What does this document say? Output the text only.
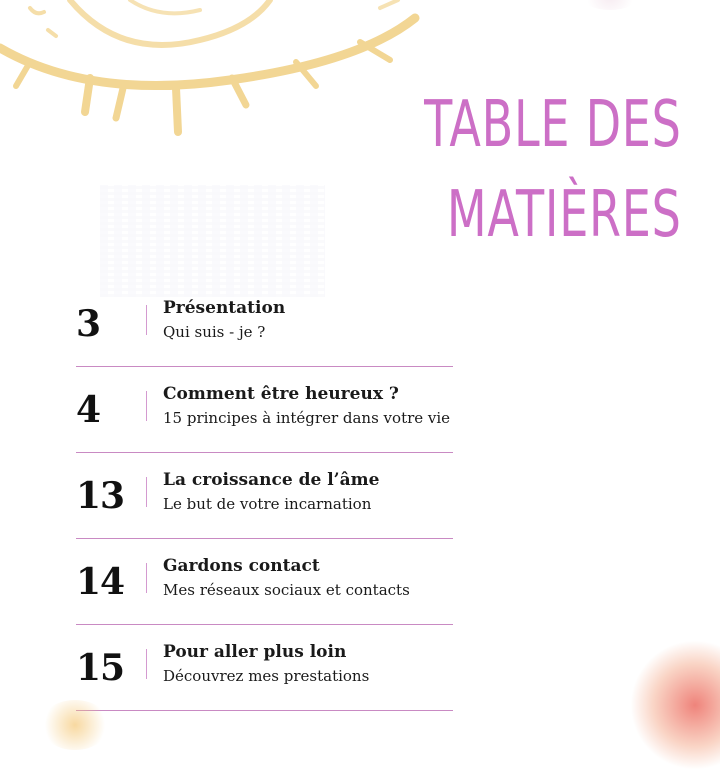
TABLE DES
MATIÈRES
3	Présentation
Qui suis - je ?
4	Comment être heureux ?
15 principes à intégrer dans votre vie
13 La croissance de l’âme
Le but de votre incarnation
14 Gardons contact
Mes réseaux sociaux et contacts
15 Pour aller plus loin
Découvrez mes prestations
